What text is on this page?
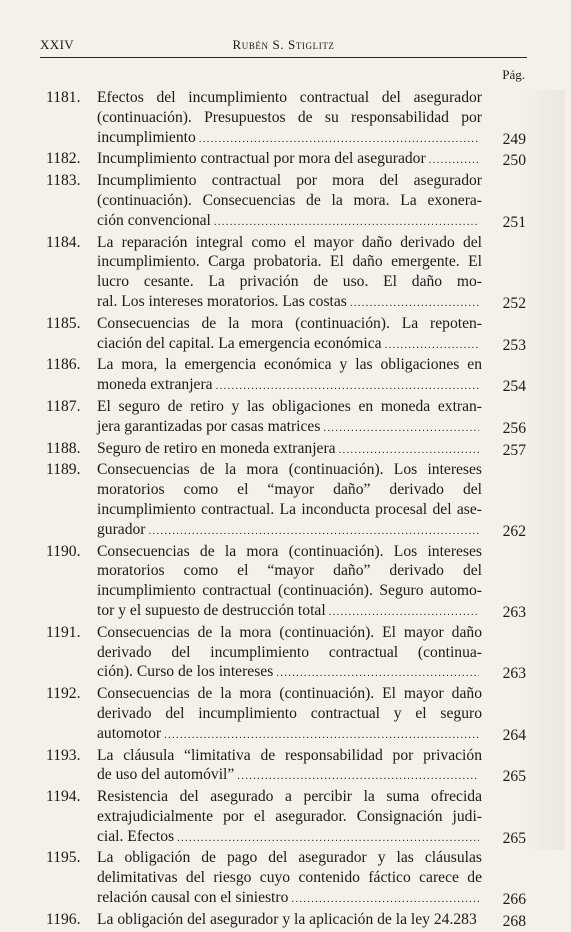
XXIV	Rubén S. Stiglitz
Pág.
1181. Efectos del incumplimiento contractual del asegurador (continuación). Presupuestos de su responsabilidad por
incumplimiento .....	249
1182. Incumplimiento contractual por mora del asegurador .....	250
1183. Incumplimiento contractual por mora del asegurador (continuación). Consecuencias de la mora. La exonera-
ción convencional .....	251
1184. La reparación integral como el mayor daño derivado del incumplimiento. Carga probatoria. El daño emergente. El lucro cesante. La privación de uso. El daño mo-
ral. Los intereses moratorios. Las costas .....	252
1185. Consecuencias de la mora (continuación). La repoten-
ciación del capital. La emergencia económica .....	253
1186. La mora, la emergencia económica y las obligaciones en
moneda extranjera .....	254
1187. El seguro de retiro y las obligaciones en moneda extran-
jera garantizadas por casas matrices .....	256
1188. Seguro de retiro en moneda extranjera .....	257
1189. Consecuencias de la mora (continuación). Los intereses moratorios como el “mayor daño” derivado del incumplimiento contractual. La inconducta procesal del ase-
gurador .....	262
1190. Consecuencias de la mora (continuación). Los intereses moratorios como el “mayor daño” derivado del incumplimiento contractual (continuación). Seguro automo-
tor y el supuesto de destrucción total .....	263
1191. Consecuencias de la mora (continuación). El mayor daño derivado del incumplimiento contractual (continua-
ción). Curso de los intereses .....	263
1192. Consecuencias de la mora (continuación). El mayor daño derivado del incumplimiento contractual y el seguro
automotor .....	264
1193. La cláusula “limitativa de responsabilidad por privación
de uso del automóvil” .....	265
1194. Resistencia del asegurado a percibir la suma ofrecida extrajudicialmente por el asegurador. Consignación judi-
cial. Efectos .....	265
1195. La obligación de pago del asegurador y las cláusulas delimitativas del riesgo cuyo contenido fáctico carece de
relación causal con el siniestro .....	266
1196. La obligación del asegurador y la aplicación de la ley 24.283 268
